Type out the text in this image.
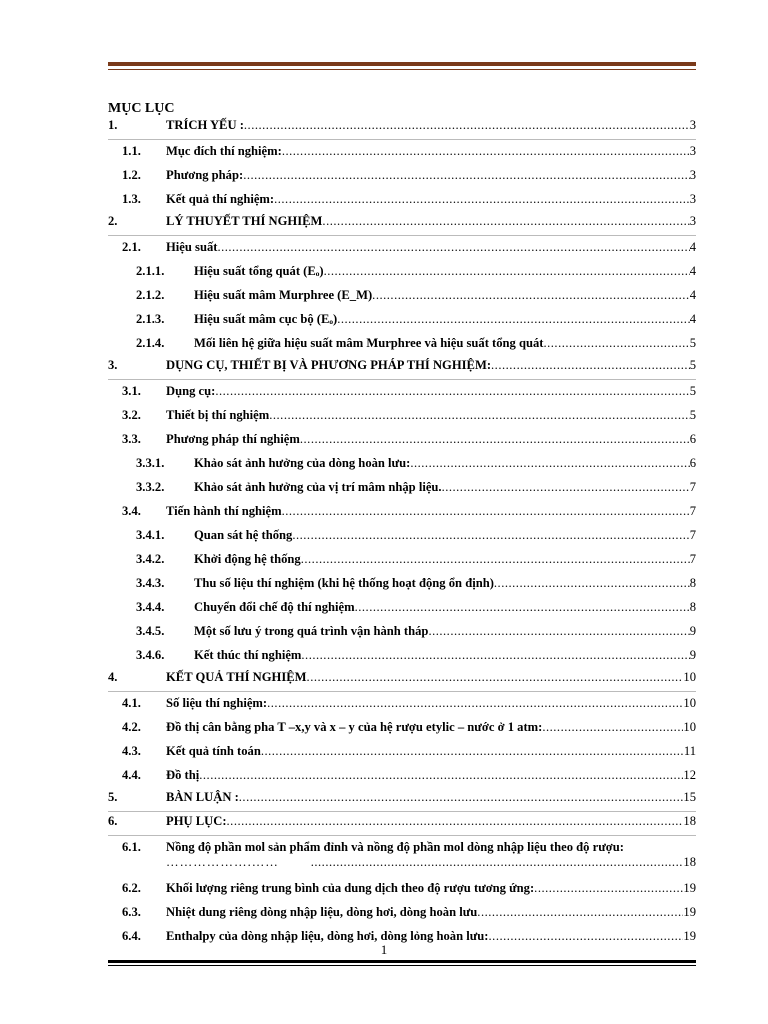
MỤC LỤC
1.	TRÍCH YẾU : .....	3
1.1.	Mục đích thí nghiệm: .....	3
1.2.	Phương pháp: .....	3
1.3.	Kết quả thí nghiệm: .....	3
2.	LÝ THUYẾT THÍ NGHIỆM .....	3
2.1.	Hiệu suất .....	4
2.1.1.	Hiệu suất tổng quát (Eₒ) .....	4
2.1.2.	Hiệu suất mâm Murphree (E_M) .....	4
2.1.3.	Hiệu suất mâm cục bộ (Eₒ) .....	4
2.1.4.	Mối liên hệ giữa hiệu suất mâm Murphree và hiệu suất tổng quát .....	5
3.	DỤNG CỤ, THIẾT BỊ VÀ PHƯƠNG PHÁP THÍ NGHIỆM: .....	5
3.1.	Dụng cụ: .....	5
3.2.	Thiết bị thí nghiệm .....	5
3.3.	Phương pháp thí nghiệm .....	6
3.3.1.	Khảo sát ảnh hưởng của dòng hoàn lưu: .....	6
3.3.2.	Khảo sát ảnh hưởng của vị trí mâm nhập liệu. .....	7
3.4.	Tiến hành thí nghiệm .....	7
3.4.1.	Quan sát hệ thống .....	7
3.4.2.	Khởi động hệ thống .....	7
3.4.3.	Thu số liệu thí nghiệm (khi hệ thống hoạt động ổn định) .....	8
3.4.4.	Chuyển đổi chế độ thí nghiệm .....	8
3.4.5.	Một số lưu ý trong quá trình vận hành tháp .....	9
3.4.6.	Kết thúc thí nghiệm .....	9
4.	KẾT QUẢ THÍ NGHIỆM .....	10
4.1.	Số liệu thí nghiệm: .....	10
4.2.	Đồ thị cân bằng pha T –x,y và x – y của hệ rượu etylic – nước ở 1 atm: .....	10
4.3.	Kết quả tính toán .....	11
4.4.	Đồ thị .....	12
5.	BÀN LUẬN : .....	15
6.	PHỤ LỤC: .....	18
6.1.	Nồng độ phần mol sản phẩm đỉnh và nồng độ phần mol dòng nhập liệu theo độ rượu:
……………….…… .....	18
6.2.	Khối lượng riêng trung bình của dung dịch theo độ rượu tương ứng: .....	19
6.3.	Nhiệt dung riêng dòng nhập liệu, dòng hơi, dòng hoàn lưu .....	19
6.4.	Enthalpy của dòng nhập liệu, dòng hơi, dòng lỏng hoàn lưu: .....	19
1
